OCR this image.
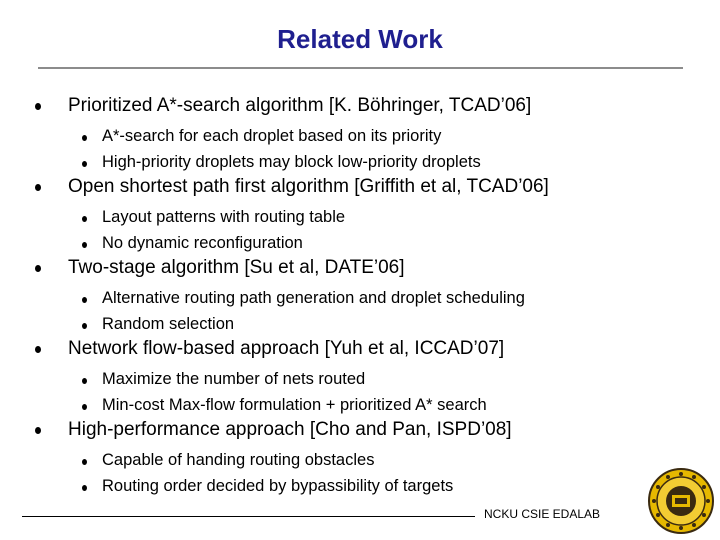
Related Work
Prioritized A*-search algorithm [K. Böhringer, TCAD’06]
A*-search for each droplet based on its priority
High-priority droplets may block low-priority droplets
Open shortest path first algorithm [Griffith et al, TCAD’06]
Layout patterns with routing table
No dynamic reconfiguration
Two-stage algorithm [Su et al, DATE’06]
Alternative routing path generation and droplet scheduling
Random selection
Network flow-based approach [Yuh et al, ICCAD’07]
Maximize the number of nets routed
Min-cost Max-flow formulation + prioritized A* search
High-performance approach [Cho and Pan, ISPD’08]
Capable of handing routing obstacles
Routing order decided by bypassibility of targets
NCKU CSIE EDALAB
